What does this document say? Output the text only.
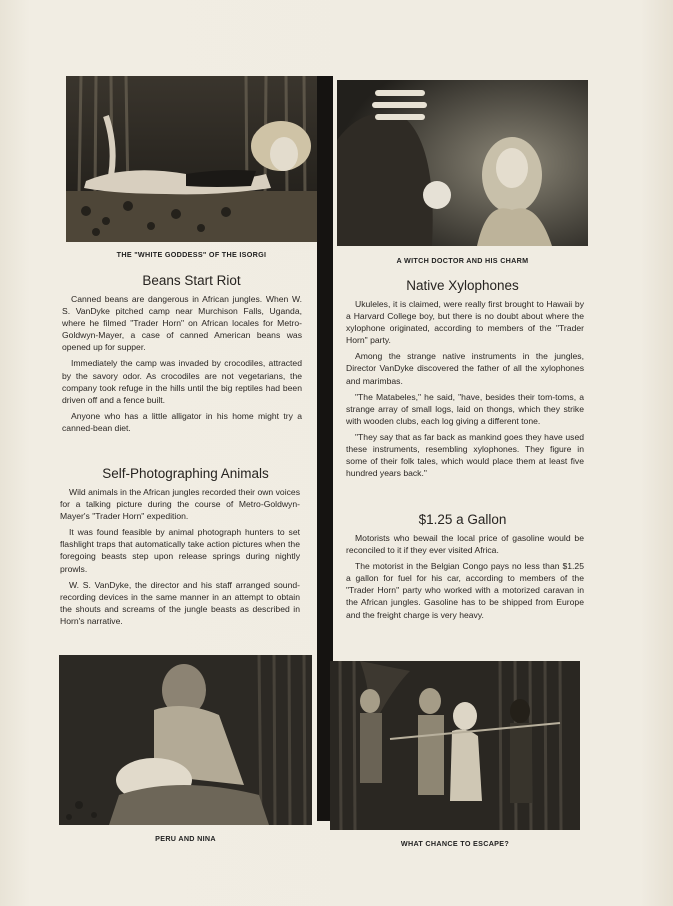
THE "WHITE GODDESS" OF THE ISORGI
A WITCH DOCTOR AND HIS CHARM
Beans Start Riot

Canned beans are dangerous in African jungles. When W. S. VanDyke pitched camp near Murchison Falls, Uganda, where he filmed "Trader Horn" on African locales for Metro-Goldwyn-Mayer, a case of canned American beans was opened up for supper.

Immediately the camp was invaded by crocodiles, attracted by the savory odor. As crocodiles are not vegetarians, the company took refuge in the hills until the big reptiles had been driven off and a fence built.

Anyone who has a little alligator in his home might try a canned-bean diet.

Self-Photographing Animals

Wild animals in the African jungles recorded their own voices for a talking picture during the course of Metro-Goldwyn-Mayer's "Trader Horn" expedition.

It was found feasible by animal photograph hunters to set flashlight traps that automatically take action pictures when the foregoing beasts step upon release springs during nightly prowls.

W. S. VanDyke, the director and his staff arranged sound-recording devices in the same manner in an attempt to obtain the shouts and screams of the jungle beasts as described in Horn's narrative.

Native Xylophones

Ukuleles, it is claimed, were really first brought to Hawaii by a Harvard College boy, but there is no doubt about where the xylophone originated, according to members of the "Trader Horn" party.

Among the strange native instruments in the jungles, Director VanDyke discovered the father of all the xylophones and marimbas.

"The Matabeles," he said, "have, besides their tom-toms, a strange array of small logs, laid on thongs, which they strike with wooden clubs, each log giving a different tone.

"They say that as far back as mankind goes they have used these instruments, resembling xylophones. They figure in some of their folk tales, which would place them at least five hundred years back."

$1.25 a Gallon

Motorists who bewail the local price of gasoline would be reconciled to it if they ever visited Africa.

The motorist in the Belgian Congo pays no less than $1.25 a gallon for fuel for his car, according to members of the "Trader Horn" party who worked with a motorized caravan in the African jungles. Gasoline has to be shipped from Europe and the freight charge is very heavy.

PERU AND NINA
WHAT CHANCE TO ESCAPE?
